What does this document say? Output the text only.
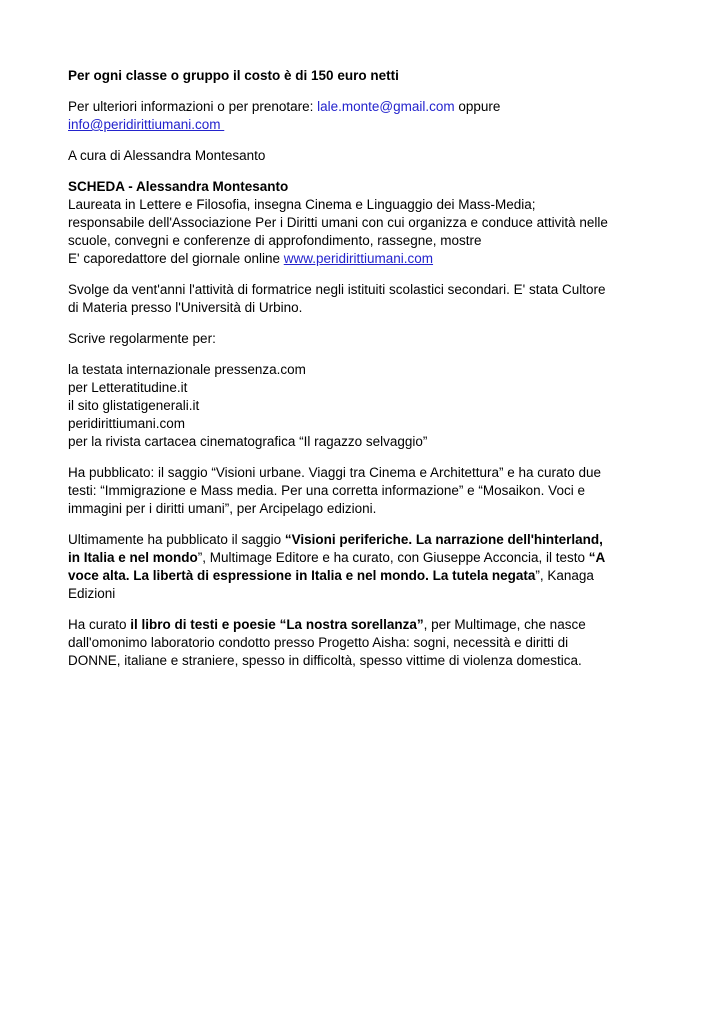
Per ogni classe o gruppo il costo è di 150 euro netti

Per ulteriori informazioni o per prenotare: lale.monte@gmail.com oppure
info@peridirittiumani.com

A cura di Alessandra Montesanto

SCHEDA - Alessandra Montesanto
Laureata in Lettere e Filosofia, insegna Cinema e Linguaggio dei Mass-Media;
responsabile dell'Associazione Per i Diritti umani con cui organizza e conduce attività nelle
scuole, convegni e conferenze di approfondimento, rassegne, mostre
E' caporedattore del giornale online www.peridirittiumani.com

Svolge da vent'anni l'attività di formatrice negli istituiti scolastici secondari. E' stata Cultore
di Materia presso l'Università di Urbino.

Scrive regolarmente per:

la testata internazionale pressenza.com
per Letteratitudine.it
il sito glistatigenerali.it
peridirittiumani.com
per la rivista cartacea cinematografica “Il ragazzo selvaggio”

Ha pubblicato: il saggio “Visioni urbane. Viaggi tra Cinema e Architettura” e ha curato due
testi: “Immigrazione e Mass media. Per una corretta informazione” e “Mosaikon. Voci e
immagini per i diritti umani”, per Arcipelago edizioni.

Ultimamente ha pubblicato il saggio “Visioni periferiche. La narrazione dell'hinterland,
in Italia e nel mondo”, Multimage Editore e ha curato, con Giuseppe Acconcia, il testo “A
voce alta. La libertà di espressione in Italia e nel mondo. La tutela negata”, Kanaga
Edizioni

Ha curato il libro di testi e poesie “La nostra sorellanza”, per Multimage, che nasce
dall'omonimo laboratorio condotto presso Progetto Aisha: sogni, necessità e diritti di
DONNE, italiane e straniere, spesso in difficoltà, spesso vittime di violenza domestica.
